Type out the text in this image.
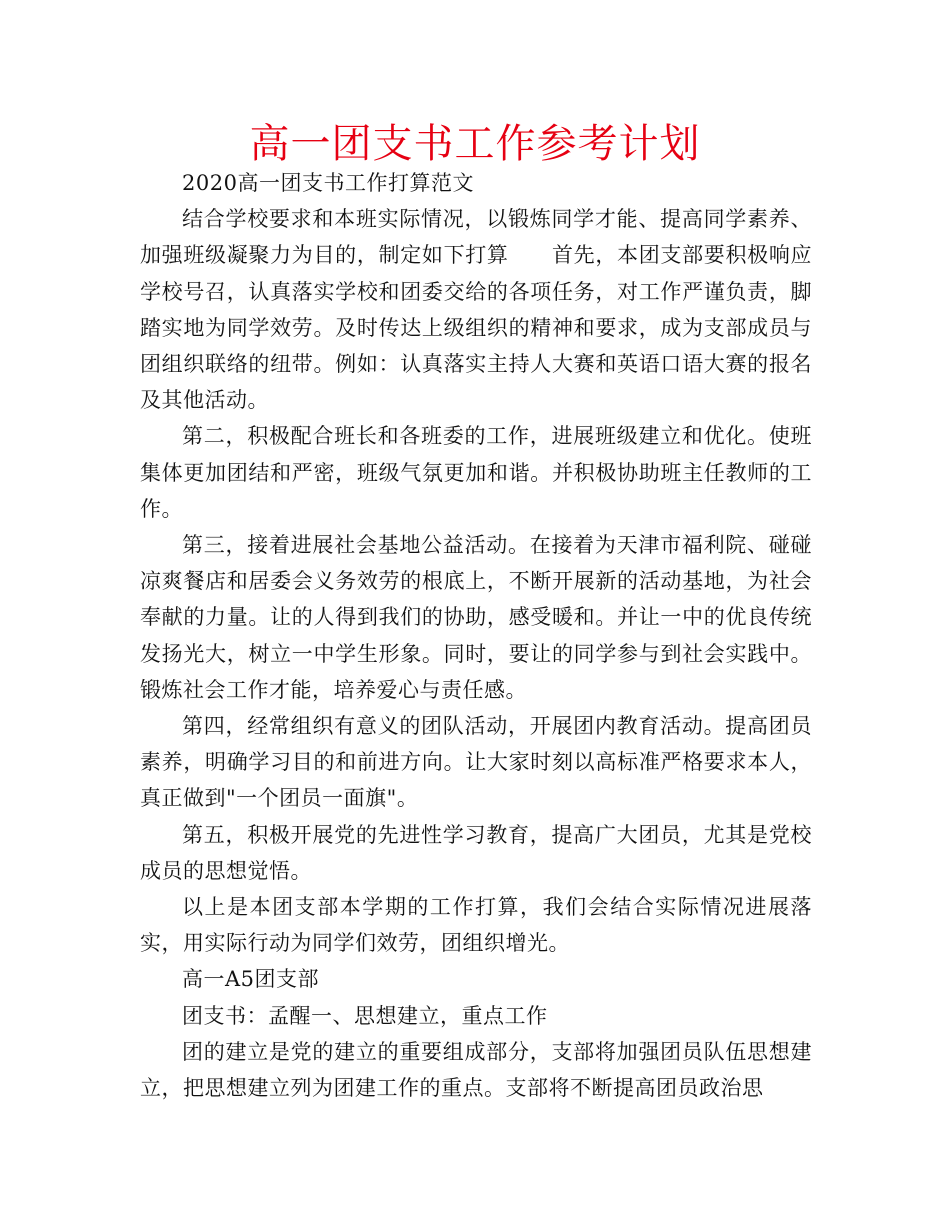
高一团支书工作参考计划

2020高一团支书工作打算范文

结合学校要求和本班实际情况，以锻炼同学才能、提高同学素养、加强班级凝聚力为目的，制定如下打算　　首先，本团支部要积极响应学校号召，认真落实学校和团委交给的各项任务，对工作严谨负责，脚踏实地为同学效劳。及时传达上级组织的精神和要求，成为支部成员与团组织联络的纽带。例如：认真落实主持人大赛和英语口语大赛的报名及其他活动。

第二，积极配合班长和各班委的工作，进展班级建立和优化。使班集体更加团结和严密，班级气氛更加和谐。并积极协助班主任教师的工作。

第三，接着进展社会基地公益活动。在接着为天津市福利院、碰碰凉爽餐店和居委会义务效劳的根底上，不断开展新的活动基地，为社会奉献的力量。让的人得到我们的协助，感受暖和。并让一中的优良传统发扬光大，树立一中学生形象。同时，要让的同学参与到社会实践中。锻炼社会工作才能，培养爱心与责任感。

第四，经常组织有意义的团队活动，开展团内教育活动。提高团员素养，明确学习目的和前进方向。让大家时刻以高标准严格要求本人，真正做到"一个团员一面旗"。

第五，积极开展党的先进性学习教育，提高广大团员，尤其是党校成员的思想觉悟。

以上是本团支部本学期的工作打算，我们会结合实际情况进展落实，用实际行动为同学们效劳，团组织增光。

高一A5团支部

团支书：孟醒一、思想建立，重点工作

团的建立是党的建立的重要组成部分，支部将加强团员队伍思想建立，把思想建立列为团建工作的重点。支部将不断提高团员政治思
